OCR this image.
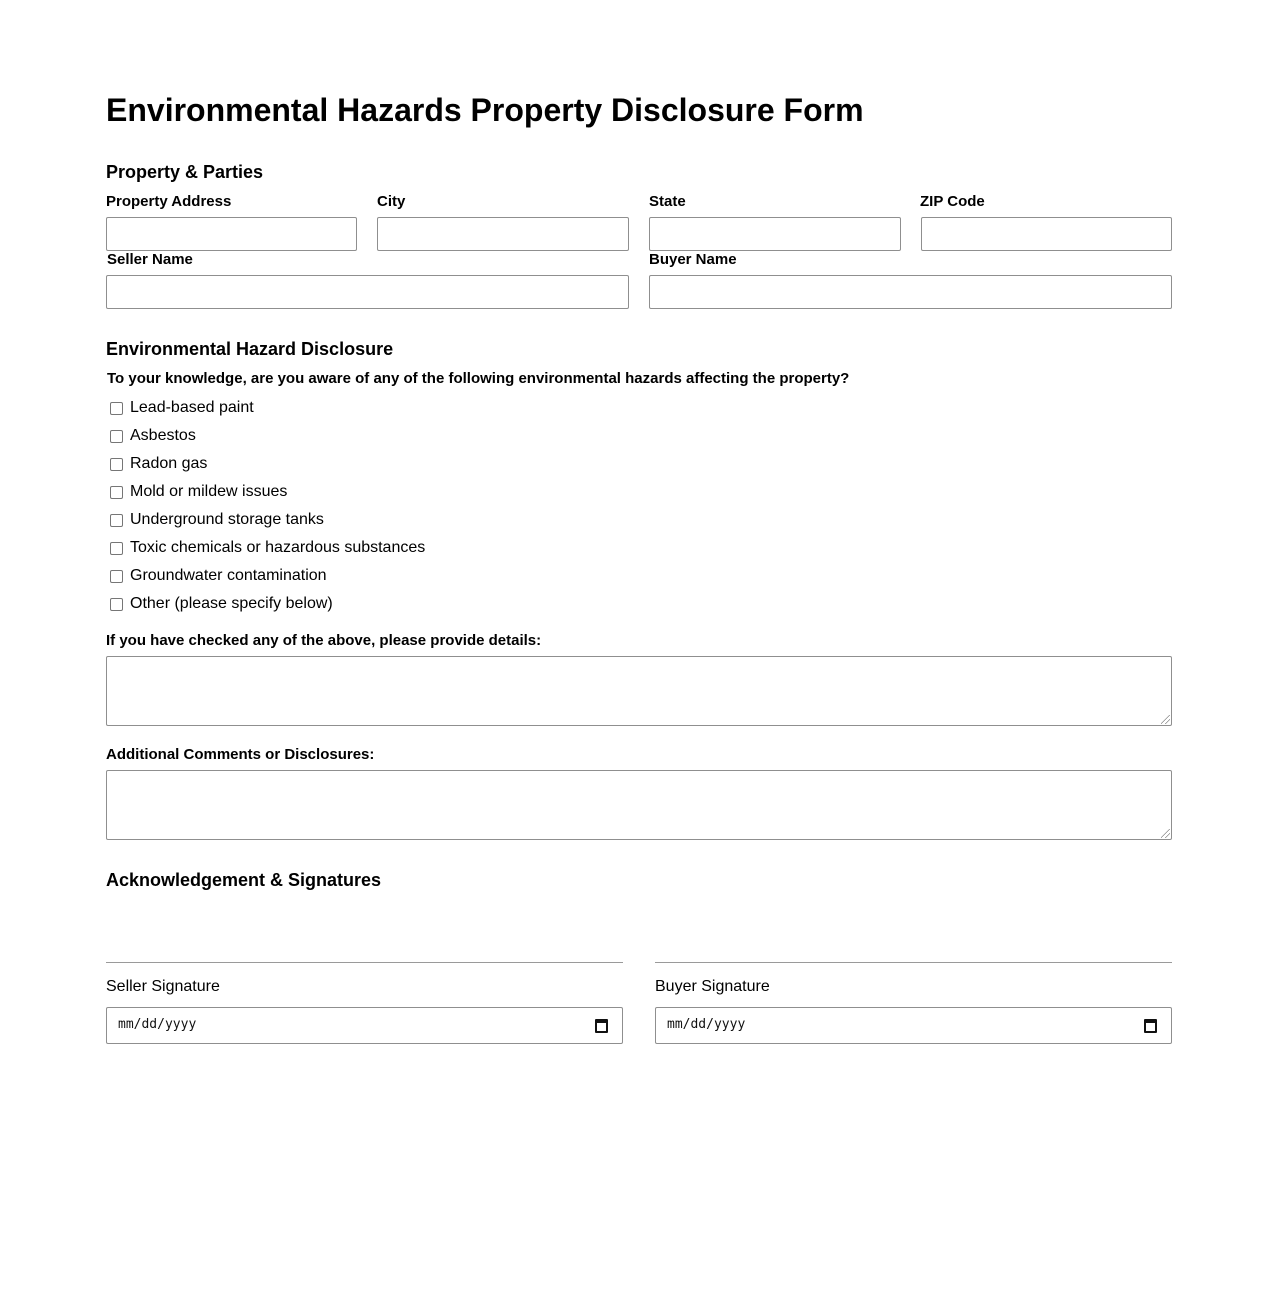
Environmental Hazards Property Disclosure Form
Property & Parties
Property Address	City	State	ZIP Code
Seller Name	Buyer Name
Environmental Hazard Disclosure
To your knowledge, are you aware of any of the following environmental hazards affecting the property?
Lead-based paint
Asbestos
Radon gas
Mold or mildew issues
Underground storage tanks
Toxic chemicals or hazardous substances
Groundwater contamination
Other (please specify below)
If you have checked any of the above, please provide details:
Additional Comments or Disclosures:
Acknowledgement & Signatures
Seller Signature	Buyer Signature
mm/dd/yyyy	mm/dd/yyyy
